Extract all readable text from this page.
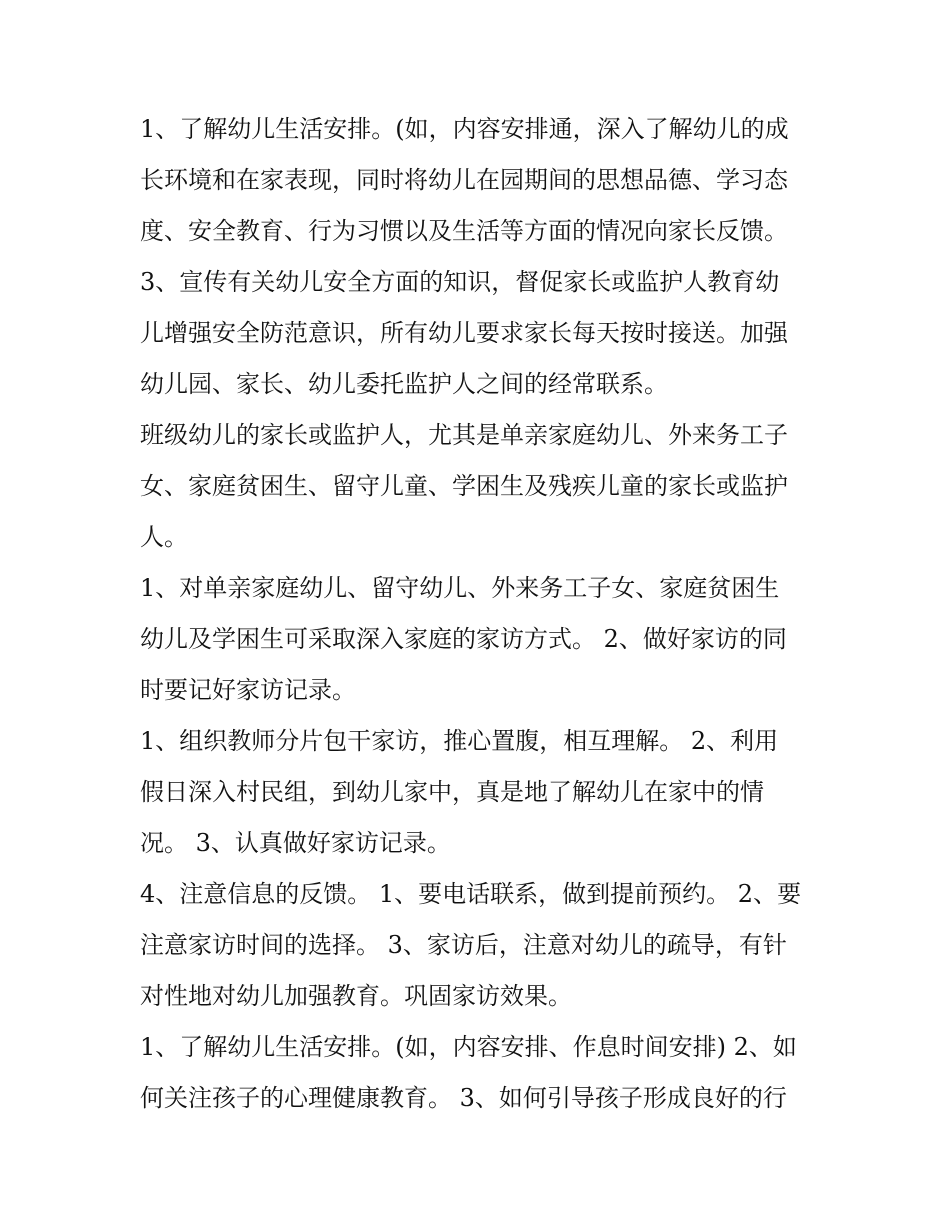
1、了解幼儿生活安排。(如，内容安排通，深入了解幼儿的成
长环境和在家表现，同时将幼儿在园期间的思想品德、学习态
度、安全教育、行为习惯以及生活等方面的情况向家长反馈。
3、宣传有关幼儿安全方面的知识，督促家长或监护人教育幼
儿增强安全防范意识，所有幼儿要求家长每天按时接送。加强
幼儿园、家长、幼儿委托监护人之间的经常联系。
班级幼儿的家长或监护人，尤其是单亲家庭幼儿、外来务工子
女、家庭贫困生、留守儿童、学困生及残疾儿童的家长或监护
人。
1、对单亲家庭幼儿、留守幼儿、外来务工子女、家庭贫困生
幼儿及学困生可采取深入家庭的家访方式。 2、做好家访的同
时要记好家访记录。
1、组织教师分片包干家访，推心置腹，相互理解。 2、利用
假日深入村民组，到幼儿家中，真是地了解幼儿在家中的情
况。 3、认真做好家访记录。
4、注意信息的反馈。 1、要电话联系，做到提前预约。 2、要
注意家访时间的选择。 3、家访后，注意对幼儿的疏导，有针
对性地对幼儿加强教育。巩固家访效果。
1、了解幼儿生活安排。(如，内容安排、作息时间安排) 2、如
何关注孩子的心理健康教育。 3、如何引导孩子形成良好的行
